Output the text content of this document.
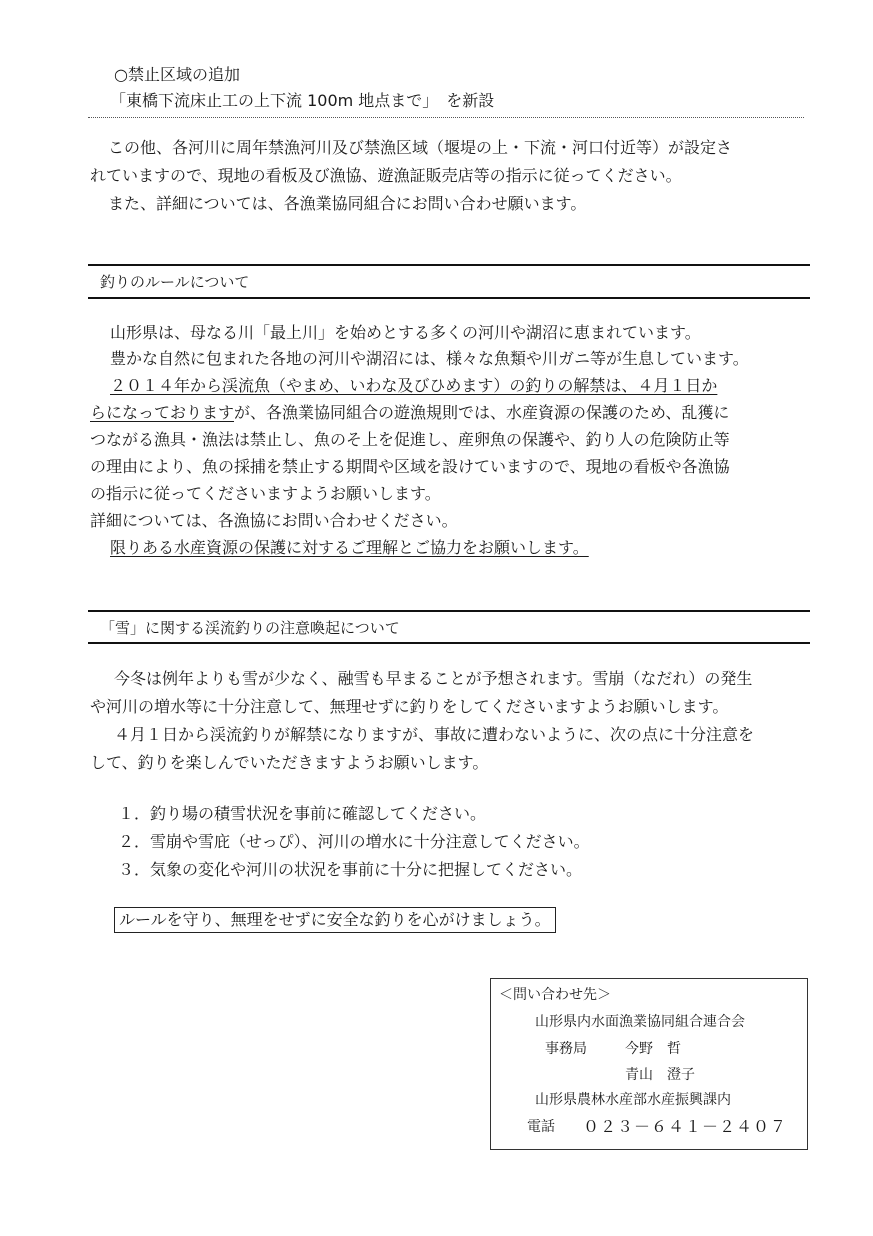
○禁止区域の追加
「東橋下流床止工の上下流 100m 地点まで」　を新設
この他、各河川に周年禁漁河川及び禁漁区域（堰堤の上・下流・河口付近等）が設定さ
れていますので、現地の看板及び漁協、遊漁証販売店等の指示に従ってください。
また、詳細については、各漁業協同組合にお問い合わせ願います。
釣りのルールについて
山形県は、母なる川「最上川」を始めとする多くの河川や湖沼に恵まれています。
豊かな自然に包まれた各地の河川や湖沼には、様々な魚類や川ガニ等が生息しています。
２０１４年から渓流魚（やまめ、いわな及びひめます）の釣りの解禁は、４月１日か
らになっておりますが、各漁業協同組合の遊漁規則では、水産資源の保護のため、乱獲に
つながる漁具・漁法は禁止し、魚のそ上を促進し、産卵魚の保護や、釣り人の危険防止等
の理由により、魚の採捕を禁止する期間や区域を設けていますので、現地の看板や各漁協
の指示に従ってくださいますようお願いします。
詳細については、各漁協にお問い合わせください。
限りある水産資源の保護に対するご理解とご協力をお願いします。
「雪」に関する渓流釣りの注意喚起について
今冬は例年よりも雪が少なく、融雪も早まることが予想されます。雪崩（なだれ）の発生
や河川の増水等に十分注意して、無理せずに釣りをしてくださいますようお願いします。
４月１日から渓流釣りが解禁になりますが、事故に遭わないように、次の点に十分注意を
して、釣りを楽しんでいただきますようお願いします。
１．釣り場の積雪状況を事前に確認してください。
２．雪崩や雪庇（せっぴ）、河川の増水に十分注意してください。
３．気象の変化や河川の状況を事前に十分に把握してください。
ルールを守り、無理をせずに安全な釣りを心がけましょう。
＜問い合わせ先＞
山形県内水面漁業協同組合連合会
事務局	今野　哲
青山　澄子
山形県農林水産部水産振興課内
電話 ０２３－６４１－２４０７
